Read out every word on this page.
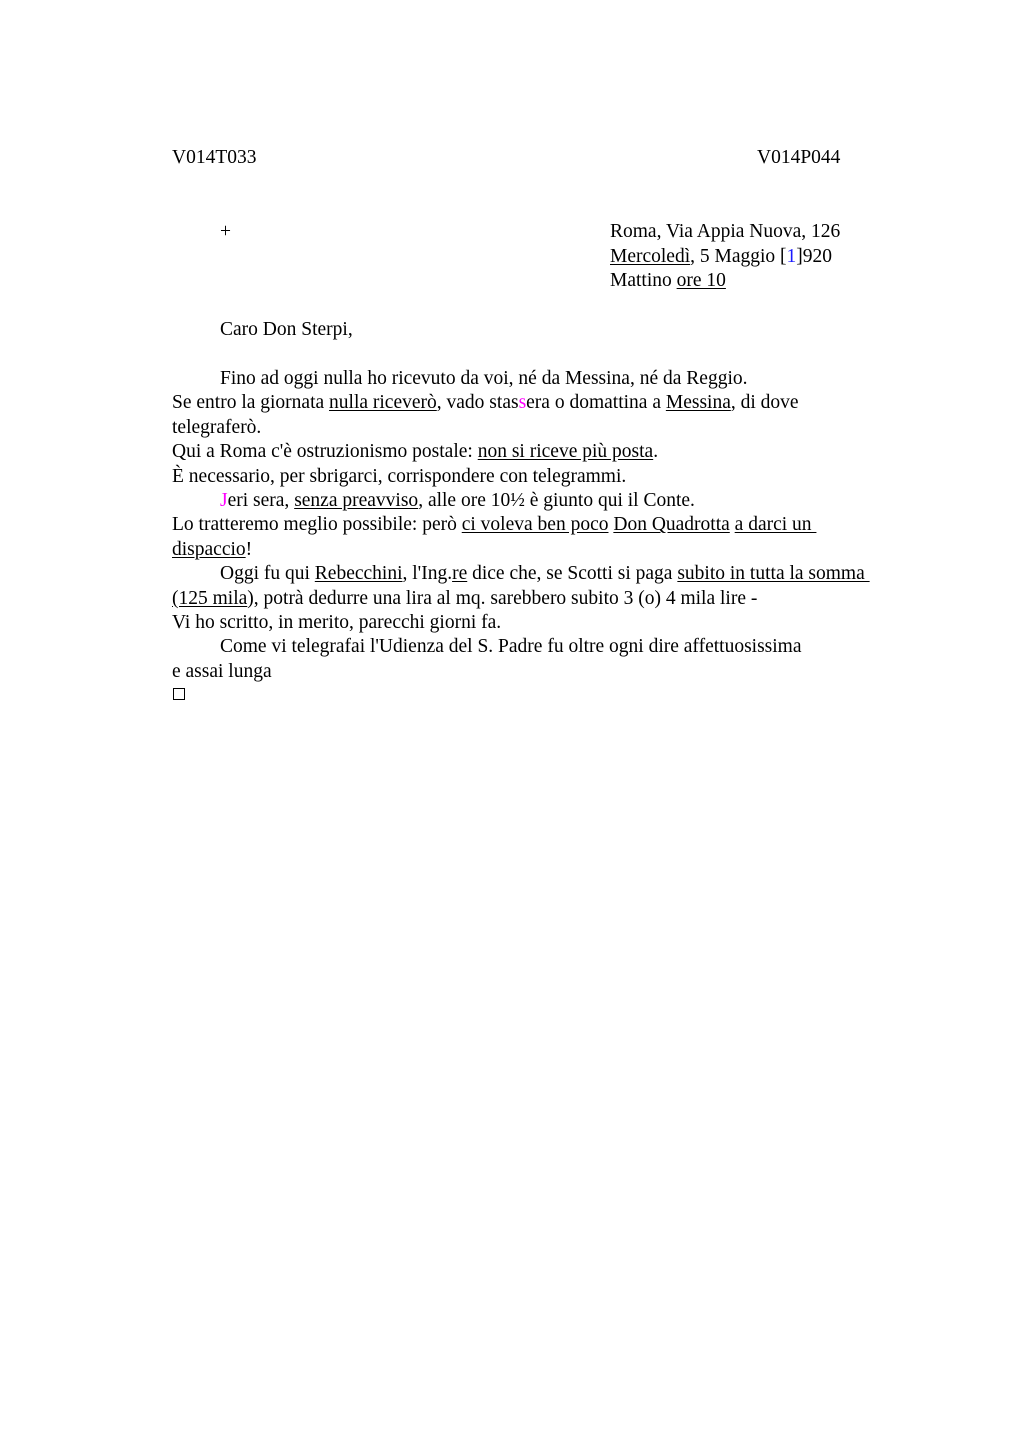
V014T033	V014P044
+	Roma, Via Appia Nuova, 126
Mercoledì, 5 Maggio [1]920
Mattino ore 10
Caro Don Sterpi,
Fino ad oggi nulla ho ricevuto da voi, né da Messina, né da Reggio.
Se entro la giornata nulla riceverò, vado stassera o domattina a Messina, di dove
telegraferò.
Qui a Roma c'è ostruzionismo postale: non si riceve più posta.
È necessario, per sbrigarci, corrispondere con telegrammi.
Jeri sera, senza preavviso, alle ore 10½ è giunto qui il Conte.
Lo tratteremo meglio possibile: però ci voleva ben poco Don Quadrotta a darci un
dispaccio!
Oggi fu qui Rebecchini, l'Ing.re dice che, se Scotti si paga subito in tutta la somma
(125 mila), potrà dedurre una lira al mq. sarebbero subito 3 (o) 4 mila lire -
Vi ho scritto, in merito, parecchi giorni fa.
Come vi telegrafai l'Udienza del S. Padre fu oltre ogni dire affettuosissima
e assai lunga
